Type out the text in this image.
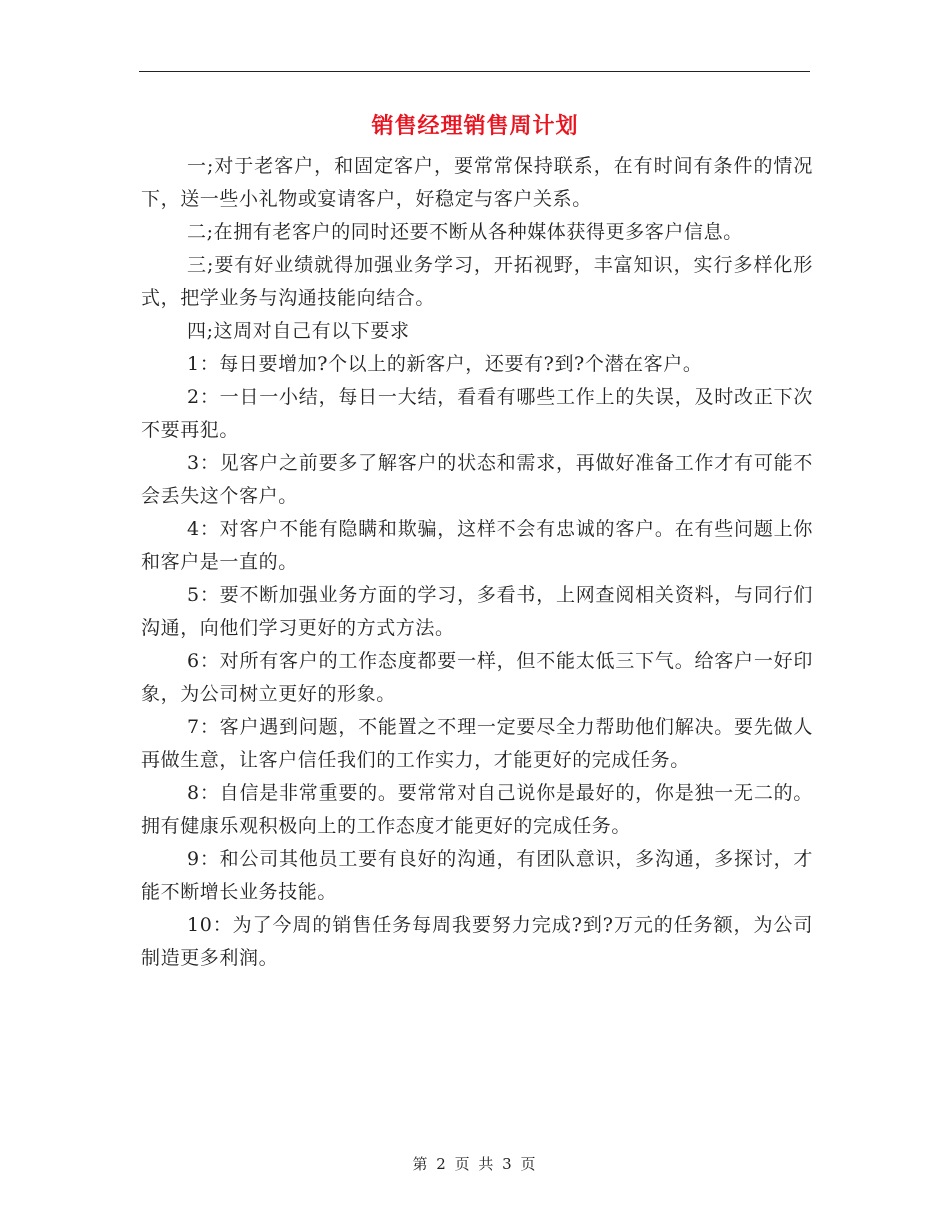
销售经理销售周计划

一;对于老客户，和固定客户，要常常保持联系，在有时间有条件的情况下，送一些小礼物或宴请客户，好稳定与客户关系。

二;在拥有老客户的同时还要不断从各种媒体获得更多客户信息。

三;要有好业绩就得加强业务学习，开拓视野，丰富知识，实行多样化形式，把学业务与沟通技能向结合。

四;这周对自己有以下要求

1：每日要增加?个以上的新客户，还要有?到?个潜在客户。

2：一日一小结，每日一大结，看看有哪些工作上的失误，及时改正下次不要再犯。

3：见客户之前要多了解客户的状态和需求，再做好准备工作才有可能不会丢失这个客户。

4：对客户不能有隐瞒和欺骗，这样不会有忠诚的客户。在有些问题上你和客户是一直的。

5：要不断加强业务方面的学习，多看书，上网查阅相关资料，与同行们沟通，向他们学习更好的方式方法。

6：对所有客户的工作态度都要一样，但不能太低三下气。给客户一好印象，为公司树立更好的形象。

7：客户遇到问题，不能置之不理一定要尽全力帮助他们解决。要先做人再做生意，让客户信任我们的工作实力，才能更好的完成任务。

8：自信是非常重要的。要常常对自己说你是最好的，你是独一无二的。拥有健康乐观积极向上的工作态度才能更好的完成任务。

9：和公司其他员工要有良好的沟通，有团队意识，多沟通，多探讨，才能不断增长业务技能。

10：为了今周的销售任务每周我要努力完成?到?万元的任务额，为公司制造更多利润。

第 2 页 共 3 页
